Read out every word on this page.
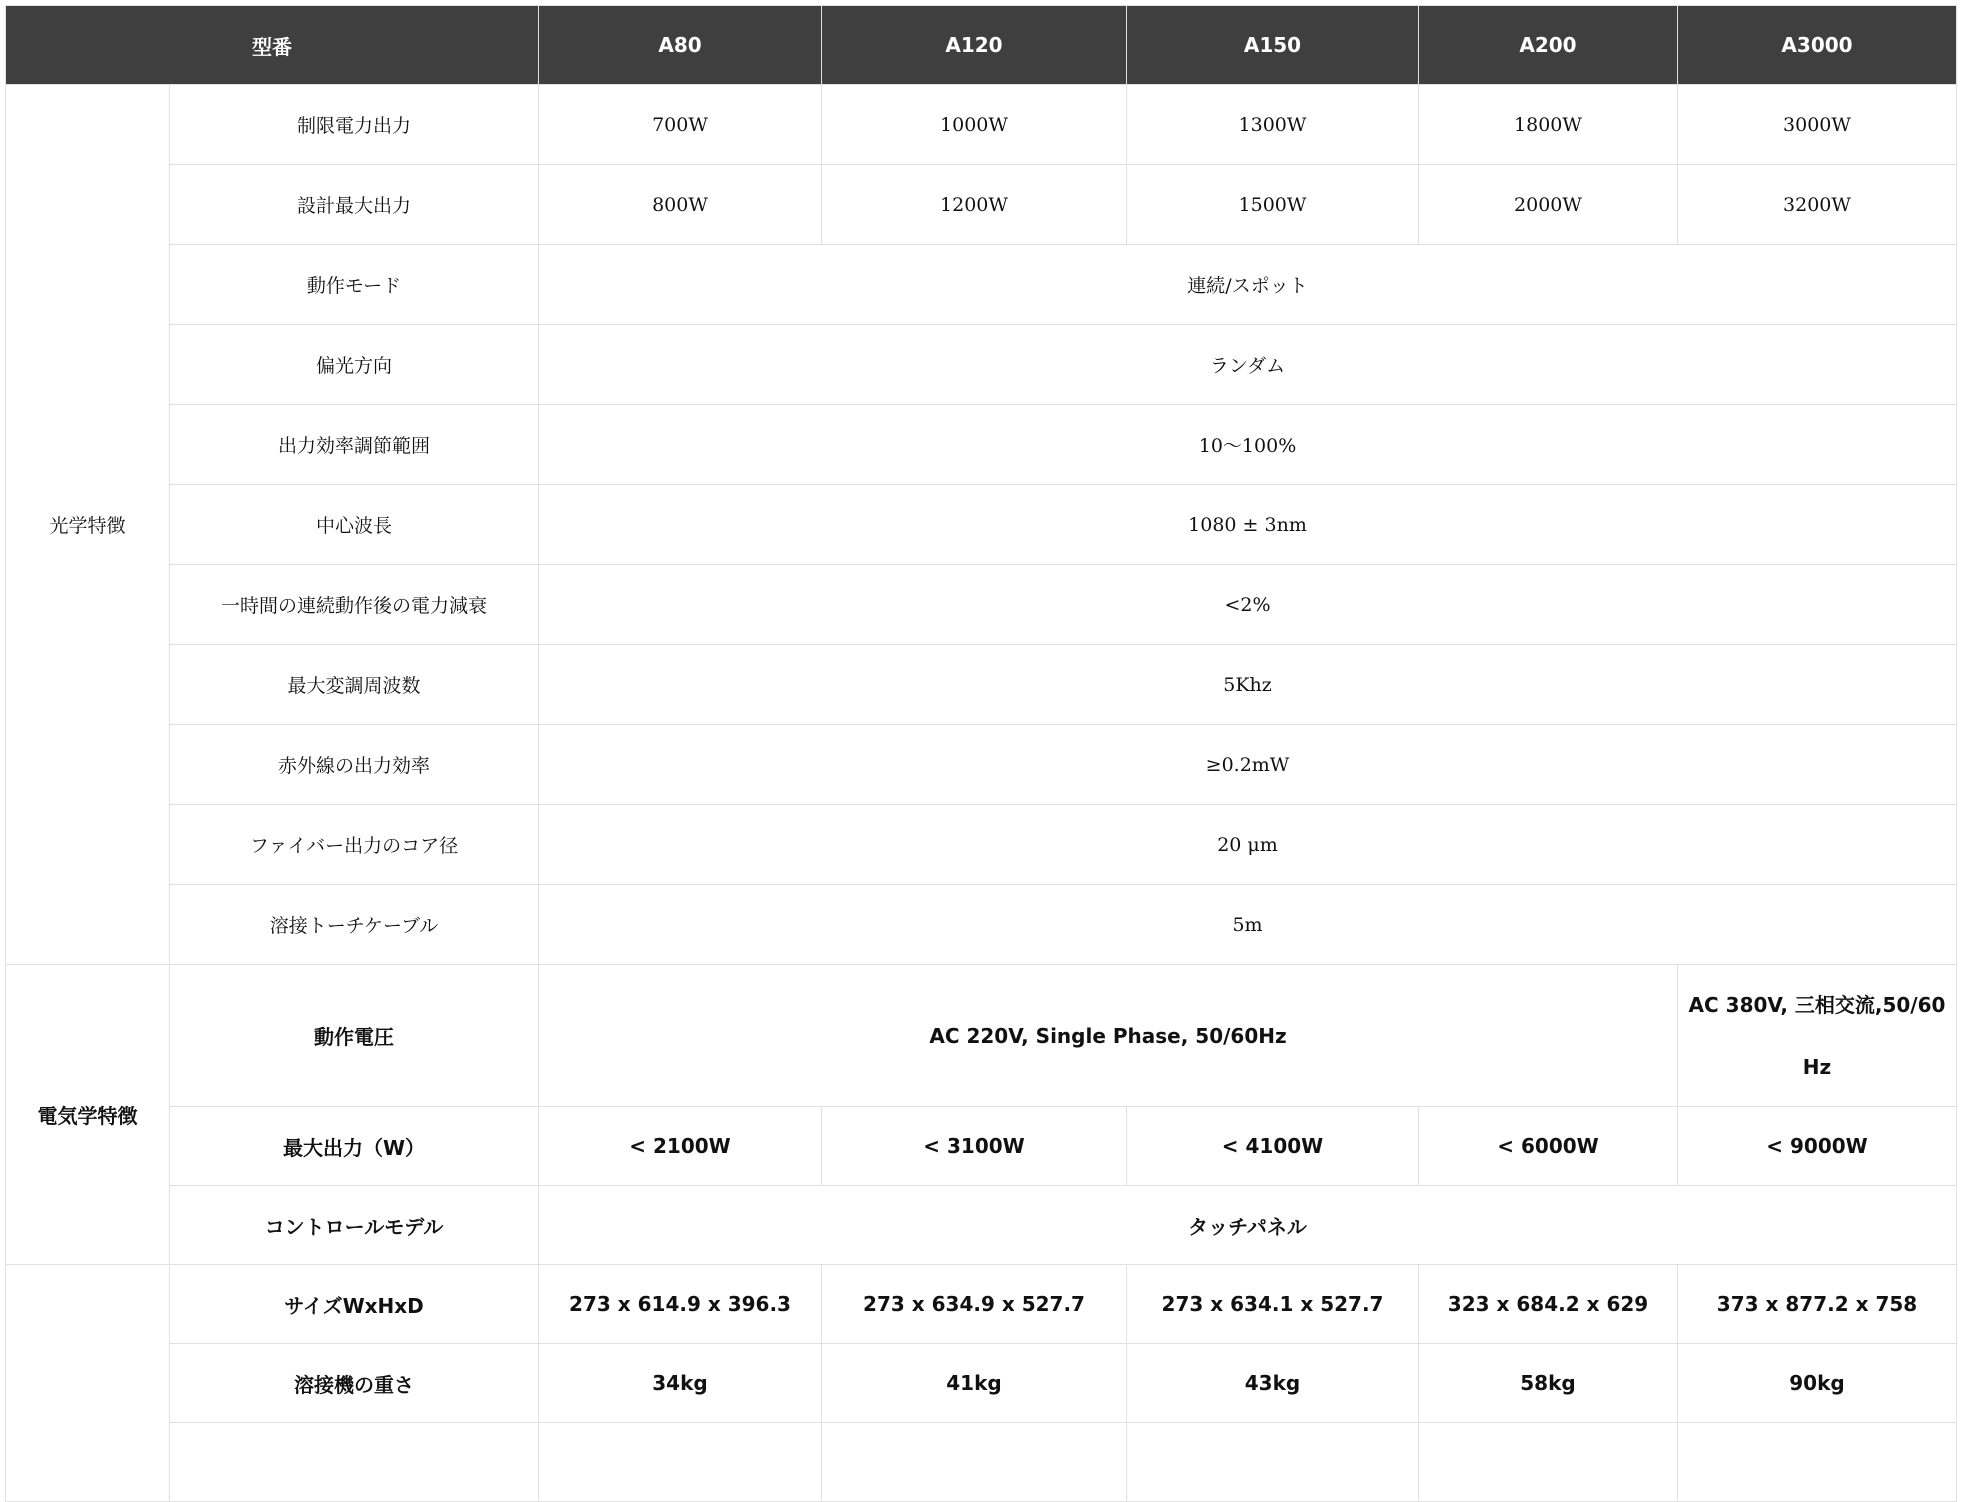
型番		A80	A120	A150	A200	A3000
光学特徴	制限電力出力	700W	1000W	1300W	1800W	3000W
	設計最大出力	800W	1200W	1500W	2000W	3200W
	動作モード	連続/スポット				
	偏光方向	ランダム				
	出力効率調節範囲	10～100%				
	中心波長	1080 ± 3nm				
	一時間の連続動作後の電力減衰	<2%				
	最大変調周波数	5Khz				
	赤外線の出力効率	≥0.2mW				
	ファイバー出力のコア径	20 μm				
	溶接トーチケーブル	5m				
電気学特徴	動作電圧	AC 220V, Single Phase, 50/60Hz				AC 380V, 三相交流,50/60 Hz
	最大出力（W）	< 2100W	< 3100W	< 4100W	< 6000W	< 9000W
	コントロールモデル	タッチパネル				
	サイズWxHxD	273 x 614.9 x 396.3	273 x 634.9 x 527.7	273 x 634.1 x 527.7	323 x 684.2 x 629	373 x 877.2 x 758
	溶接機の重さ	34kg	41kg	43kg	58kg	90kg
